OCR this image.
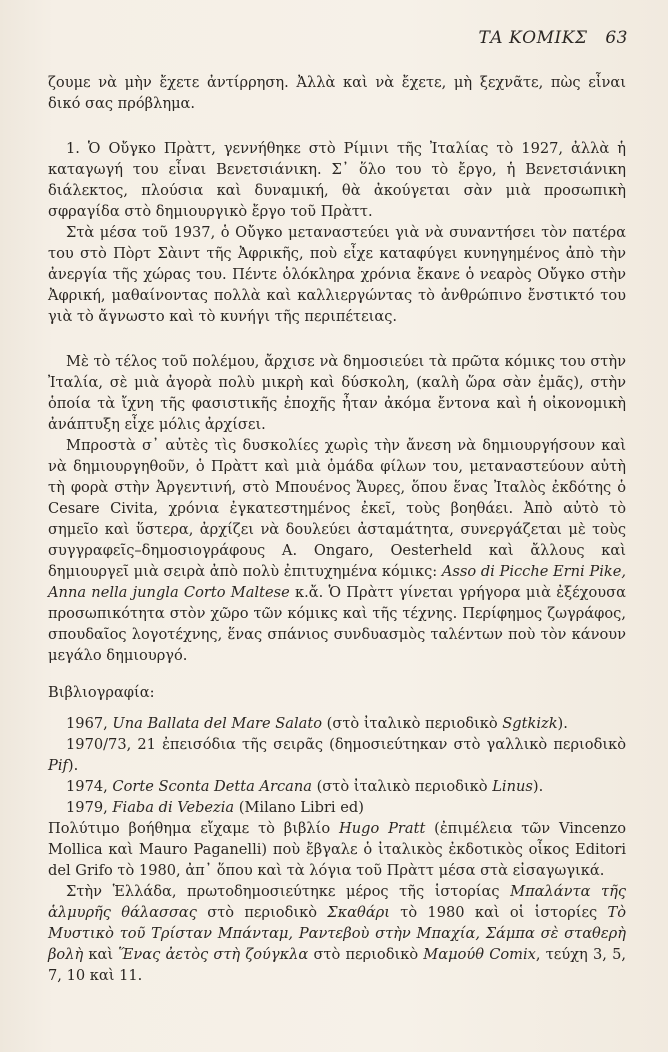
ΤΑ ΚΟΜΙΚΣ 63

ζουμε νὰ μὴν ἔχετε ἀντίρρηση. Ἀλλὰ καὶ νὰ ἔχετε, μὴ ξεχνᾶτε, πὼς εἶναι δικό σας πρόβλημα.

1. Ὁ Οὔγκο Πρὰττ, γεννήθηκε στὸ Ρίμινι τῆς Ἰταλίας τὸ 1927, ἀλλὰ ἡ καταγωγή του εἶναι Βενετσιάνικη. Σ᾽ ὅλο του τὸ ἔργο, ἡ Βενετσιάνικη διάλεκτος, πλούσια καὶ δυναμική, θὰ ἀκούγεται σὰν μιὰ προσωπικὴ σφραγίδα στὸ δημιουργικὸ ἔργο τοῦ Πρὰττ.

Στὰ μέσα τοῦ 1937, ὁ Οὔγκο μεταναστεύει γιὰ νὰ συναντήσει τὸν πατέρα του στὸ Πὸρτ Σὰιντ τῆς Ἀφρικῆς, ποὺ εἶχε καταφύγει κυνηγημένος ἀπὸ τὴν ἀνεργία τῆς χώρας του. Πέντε ὁλόκληρα χρόνια ἔκανε ὁ νεαρὸς Οὔγκο στὴν Ἀφρική, μαθαίνοντας πολλὰ καὶ καλλιεργώντας τὸ ἀνθρώπινο ἔνστικτό του γιὰ τὸ ἄγνωστο καὶ τὸ κυνήγι τῆς περιπέτειας.

Μὲ τὸ τέλος τοῦ πολέμου, ἄρχισε νὰ δημοσιεύει τὰ πρῶτα κόμικς του στὴν Ἰταλία, σὲ μιὰ ἀγορὰ πολὺ μικρὴ καὶ δύσκολη, (καλὴ ὥρα σὰν ἐμᾶς), στὴν ὁποία τὰ ἴχνη τῆς φασιστικῆς ἐποχῆς ἦταν ἀκόμα ἔντονα καὶ ἡ οἰκονομικὴ ἀνάπτυξη εἶχε μόλις ἀρχίσει.

Μπροστὰ σ᾽ αὐτὲς τὶς δυσκολίες χωρὶς τὴν ἄνεση νὰ δημιουργήσουν καὶ νὰ δημιουργηθοῦν, ὁ Πρὰττ καὶ μιὰ ὁμάδα φίλων του, μεταναστεύουν αὐτὴ τὴ φορὰ στὴν Ἀργεντινή, στὸ Μπουένος Ἄυρες, ὅπου ἕνας Ἰταλὸς ἐκδότης ὁ Cesare Civita, χρόνια ἐγκατεστημένος ἐκεῖ, τοὺς βοηθάει. Ἀπὸ αὐτὸ τὸ σημεῖο καὶ ὕστερα, ἀρχίζει νὰ δουλεύει ἀσταμάτητα, συνεργάζεται μὲ τοὺς συγγραφεῖς–δημοσιογράφους A. Ongaro, Oesterheld καὶ ἄλλους καὶ δημιουργεῖ μιὰ σειρὰ ἀπὸ πολὺ ἐπιτυχημένα κόμικς: Asso di Picche Erni Pike, Anna nella jungla Corto Maltese κ.ἄ. Ὁ Πρὰττ γίνεται γρήγορα μιὰ ἐξέχουσα προσωπικότητα στὸν χῶρο τῶν κόμικς καὶ τῆς τέχνης. Περίφημος ζωγράφος, σπουδαῖος λογοτέχνης, ἕνας σπάνιος συνδυασμὸς ταλέντων ποὺ τὸν κάνουν μεγάλο δημιουργό.

Βιβλιογραφία:

1967, Una Ballata del Mare Salato (στὸ ἰταλικὸ περιοδικὸ Sgtkizk).

1970/73, 21 ἐπεισόδια τῆς σειρᾶς (δημοσιεύτηκαν στὸ γαλλικὸ περιοδικὸ Pif).

1974, Corte Sconta Detta Arcana (στὸ ἰταλικὸ περιοδικὸ Linus).

1979, Fiaba di Vebezia (Milano Libri ed)

Πολύτιμο βοήθημα εἴχαμε τὸ βιβλίο Hugo Pratt (ἐπιμέλεια τῶν Vincenzo Mollica καὶ Mauro Paganelli) ποὺ ἔβγαλε ὁ ἰταλικὸς ἐκδοτικὸς οἶκος Editori del Grifo τὸ 1980, ἀπ᾽ ὅπου καὶ τὰ λόγια τοῦ Πρὰττ μέσα στὰ εἰσαγωγικά.

Στὴν Ἑλλάδα, πρωτοδημοσιεύτηκε μέρος τῆς ἱστορίας Μπαλάντα τῆς ἁλμυρῆς θάλασσας στὸ περιοδικὸ Σκαθάρι τὸ 1980 καὶ οἱ ἱστορίες Τὸ Μυστικὸ τοῦ Τρίσταν Μπάνταμ, Ραντεβοὺ στὴν Μπαχία, Σάμπα σὲ σταθερὴ βολὴ καὶ Ἕνας ἀετὸς στὴ ζούγκλα στὸ περιοδικὸ Μαμούθ Comix, τεύχη 3, 5, 7, 10 καὶ 11.
